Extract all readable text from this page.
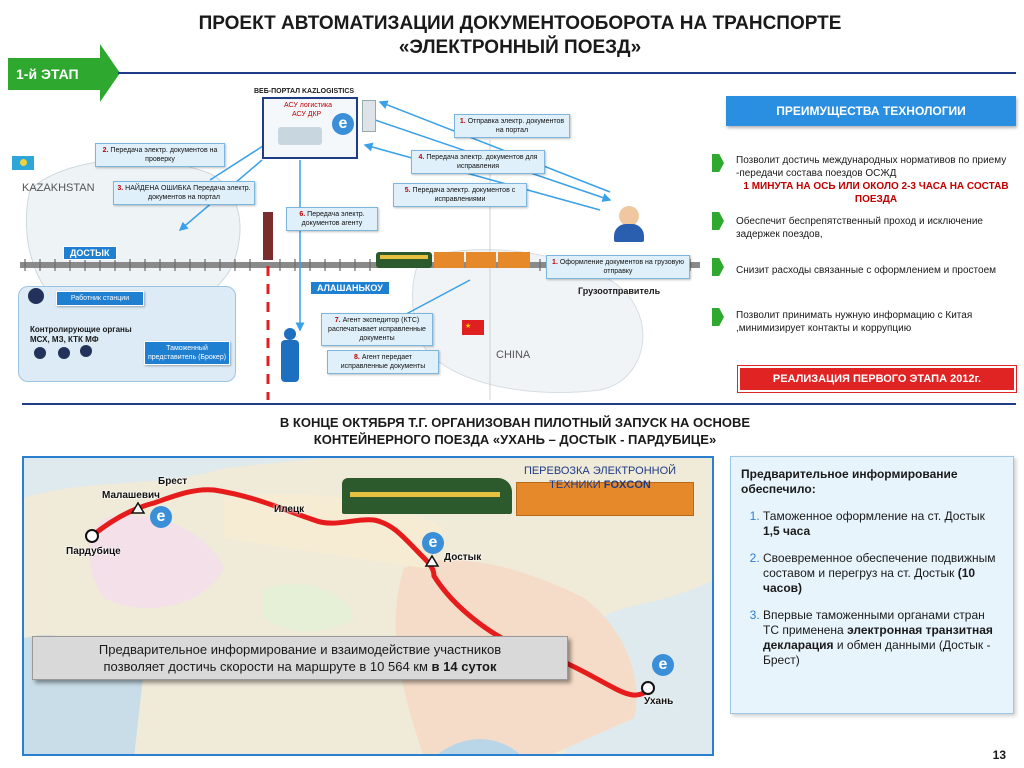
ПРОЕКТ АВТОМАТИЗАЦИИ ДОКУМЕНТООБОРОТА НА ТРАНСПОРТЕ
«ЭЛЕКТРОННЫЙ ПОЕЗД»
1-й ЭТАП
ВЕБ-ПОРТАЛ KAZLOGISTICS
АСУ логистика
АСУ ДКР
e
KAZAKHSTAN
★
CHINA
1. Отправка электр. документов на портал
2. Передача электр. документов на проверку
3. НАЙДЕНА ОШИБКА Передача электр. документов на портал
4. Передача электр. документов для исправления
5. Передача электр. документов с исправлениями
6. Передача электр. документов агенту
1. Оформление документов на грузовую отправку
7. Агент экспедитор (КТС) распечатывает исправленные документы
8. Агент передает исправленные документы
ДОСТЫК
АЛАШАНЬКОУ	Грузоотправитель
Работник станции
Контролирующие органы
МСХ, МЗ, КТК МФ
Таможенный представитель (Брокер)
ПРЕИМУЩЕСТВА ТЕХНОЛОГИИ
Позволит достичь международных нормативов по приему -передачи состава поездов ОСЖД
1 МИНУТА НА ОСЬ ИЛИ ОКОЛО 2-3 ЧАСА НА СОСТАВ ПОЕЗДА
Обеспечит беспрепятственный проход и исключение задержек поездов,
Снизит расходы связанные с оформлением и простоем
Позволит принимать нужную информацию с Китая ,минимизирует контакты и коррупцию
РЕАЛИЗАЦИЯ ПЕРВОГО ЭТАПА 2012г.
В КОНЦЕ ОКТЯБРЯ Т.Г. ОРГАНИЗОВАН ПИЛОТНЫЙ ЗАПУСК НА ОСНОВЕ
КОНТЕЙНЕРНОГО ПОЕЗДА «УХАНЬ – ДОСТЫК - ПАРДУБИЦЕ»
e
e
e
Брест
Малашевич
Пардубице
Илецк
Достык
Ухань
ПЕРЕВОЗКА ЭЛЕКТРОННОЙ
ТЕХНИКИ FOXCON
Предварительное информирование и взаимодействие участников
позволяет достичь скорости на маршруте в 10 564 км в 14 суток
Предварительное информирование обеспечило:
1. Таможенное оформление на ст. Достык 1,5 часа
2. Своевременное обеспечение подвижным составом и перегруз на ст. Достык (10 часов)
3. Впервые таможенными органами стран ТС применена электронная транзитная декларация и обмен данными (Достык - Брест)
13
